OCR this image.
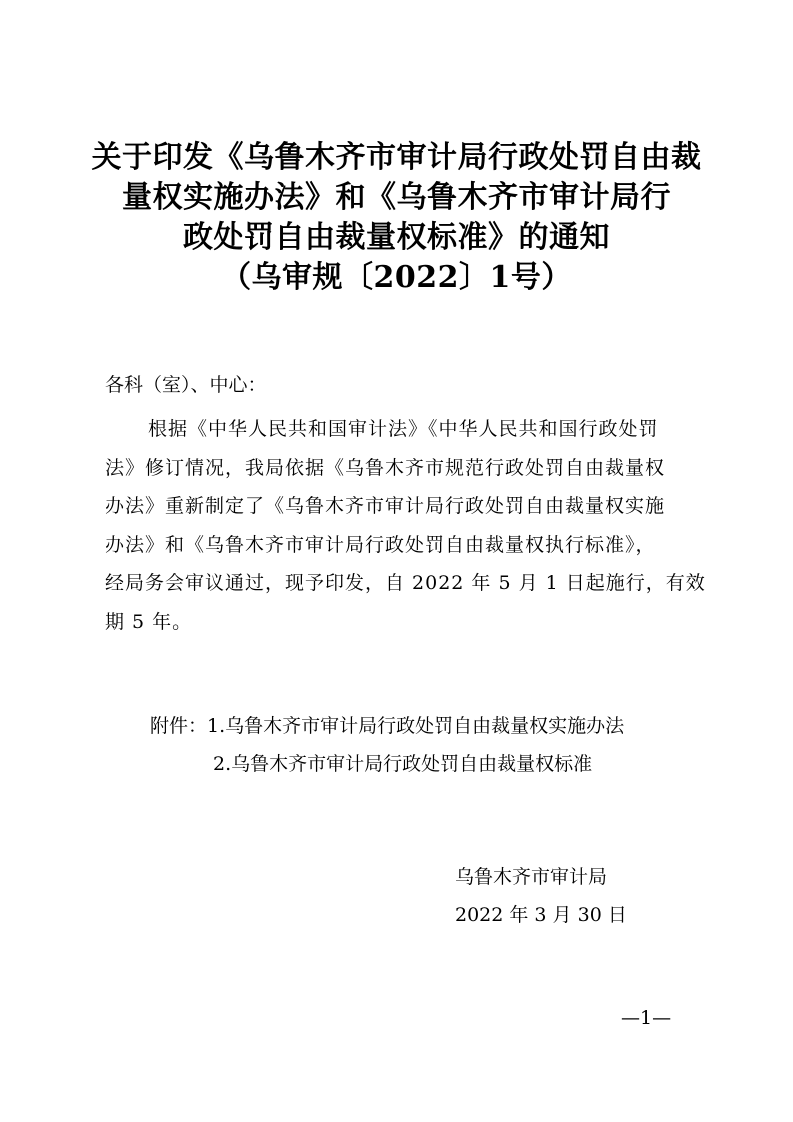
关于印发《乌鲁木齐市审计局行政处罚自由裁
量权实施办法》和《乌鲁木齐市审计局行
政处罚自由裁量权标准》的通知
（乌审规〔2022〕1号）
各科（室）、中心：
根据《中华人民共和国审计法》《中华人民共和国行政处罚
法》修订情况，我局依据《乌鲁木齐市规范行政处罚自由裁量权
办法》重新制定了《乌鲁木齐市审计局行政处罚自由裁量权实施
办法》和《乌鲁木齐市审计局行政处罚自由裁量权执行标准》，
经局务会审议通过，现予印发，自 2022 年 5 月 1 日起施行，有效
期 5 年。
附件：1.乌鲁木齐市审计局行政处罚自由裁量权实施办法
2.乌鲁木齐市审计局行政处罚自由裁量权标准
乌鲁木齐市审计局
2022 年 3 月 30 日
—1—
